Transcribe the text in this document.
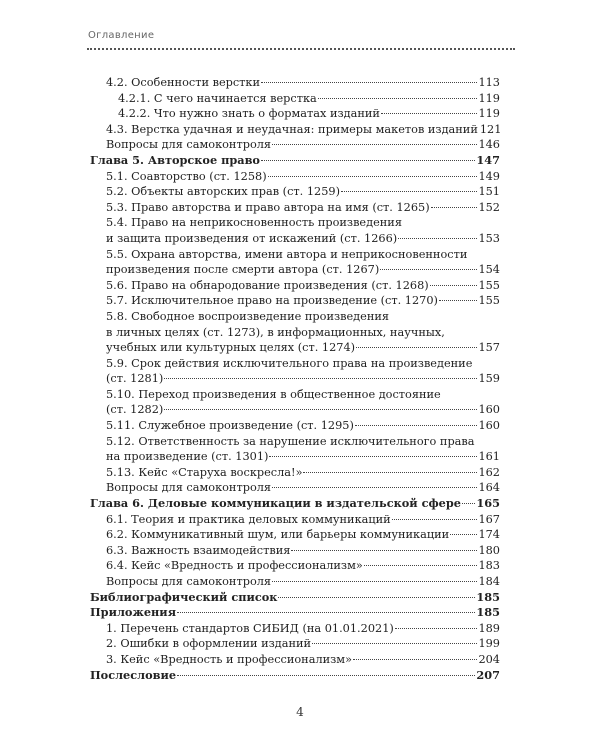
Оглавление
4.2. Особенности верстки	113
4.2.1. С чего начинается верстка	119
4.2.2. Что нужно знать о форматах изданий	119
4.3. Верстка удачная и неудачная: примеры макетов изданий 121
Вопросы для самоконтроля	146
Глава 5. Авторское право	147
5.1. Соавторство (ст. 1258)	149
5.2. Объекты авторских прав (ст. 1259)	151
5.3. Право авторства и право автора на имя (ст. 1265)	152
5.4. Право на неприкосновенность произведения
и защита произведения от искажений (ст. 1266)	153
5.5. Охрана авторства, имени автора и неприкосновенности
произведения после смерти автора (ст. 1267)	154
5.6. Право на обнародование произведения (ст. 1268)	155
5.7. Исключительное право на произведение (ст. 1270)	155
5.8. Свободное воспроизведение произведения
в личных целях (ст. 1273), в информационных, научных,
учебных или культурных целях (ст. 1274)	157
5.9. Срок действия исключительного права на произведение
(ст. 1281)	159
5.10. Переход произведения в общественное достояние
(ст. 1282)	160
5.11. Служебное произведение (ст. 1295)	160
5.12. Ответственность за нарушение исключительного права
на произведение (ст. 1301)	161
5.13. Кейс «Старуха воскресла!»	162
Вопросы для самоконтроля	164
Глава 6. Деловые коммуникации в издательской сфере 165
6.1. Теория и практика деловых коммуникаций	167
6.2. Коммуникативный шум, или барьеры коммуникации	174
6.3. Важность взаимодействия	180
6.4. Кейс «Вредность и профессионализм»	183
Вопросы для самоконтроля	184
Библиографический список	185
Приложения	185
1. Перечень стандартов СИБИД (на 01.01.2021)	189
2. Ошибки в оформлении изданий	199
3. Кейс «Вредность и профессионализм»	204
Послесловие	207
4
